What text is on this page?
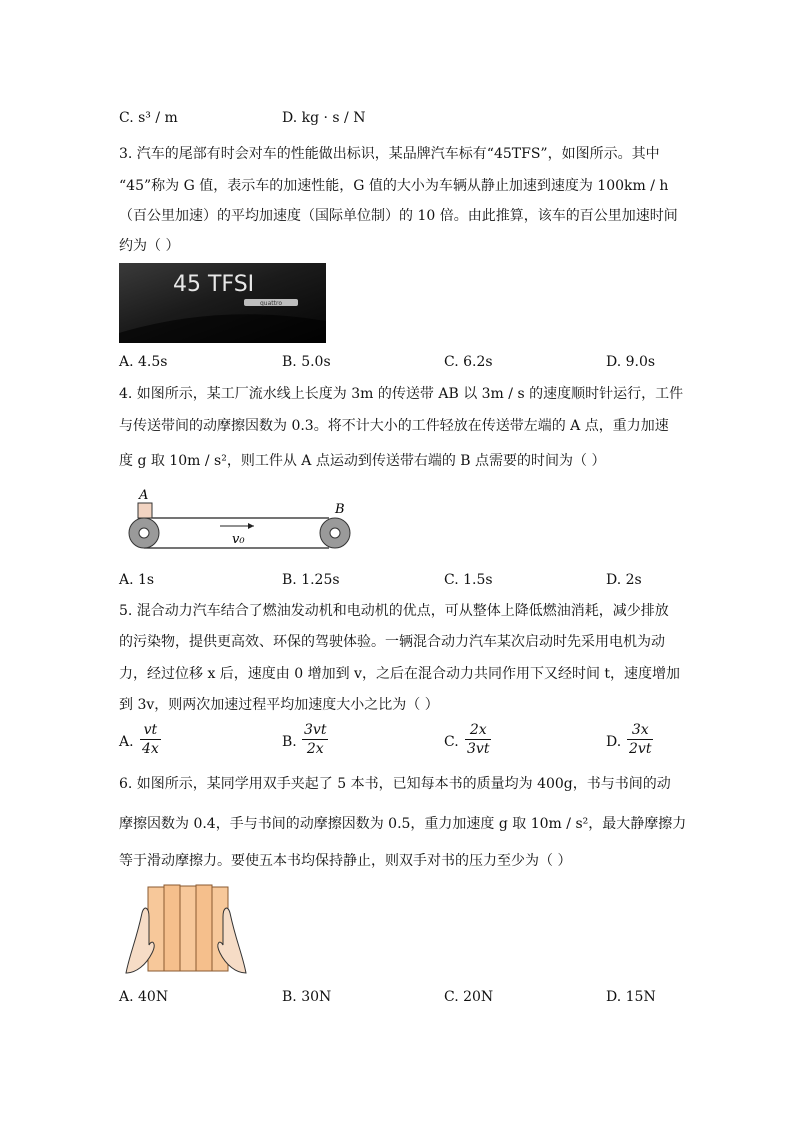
C. s³ / m	D. kg · s / N
3. 汽车的尾部有时会对车的性能做出标识，某品牌汽车标有“45TFS”，如图所示。其中
“45”称为 G 值，表示车的加速性能，G 值的大小为车辆从静止加速到速度为 100km / h
（百公里加速）的平均加速度（国际单位制）的 10 倍。由此推算，该车的百公里加速时间
约为（ ）
45 TFSI
quattro
A. 4.5s	B. 5.0s	C. 6.2s	D. 9.0s
4. 如图所示，某工厂流水线上长度为 3m 的传送带 AB 以 3m / s 的速度顺时针运行，工件
与传送带间的动摩擦因数为 0.3。将不计大小的工件轻放在传送带左端的 A 点，重力加速
度 g 取 10m / s²，则工件从 A 点运动到传送带右端的 B 点需要的时间为（ ）
A
B
v₀
A. 1s	B. 1.25s	C. 1.5s	D. 2s
5. 混合动力汽车结合了燃油发动机和电动机的优点，可从整体上降低燃油消耗，减少排放
的污染物，提供更高效、环保的驾驶体验。一辆混合动力汽车某次启动时先采用电机为动
力，经过位移 x 后，速度由 0 增加到 v，之后在混合动力共同作用下又经时间 t，速度增加
到 3v，则两次加速过程平均加速度大小之比为（ ）
A. $\frac{vt}{4x}$	B. $\frac{3vt}{2x}$	C. $\frac{2x}{3vt}$	D. $\frac{3x}{2vt}$
6. 如图所示，某同学用双手夹起了 5 本书，已知每本书的质量均为 400g，书与书间的动
摩擦因数为 0.4，手与书间的动摩擦因数为 0.5，重力加速度 g 取 10m / s²，最大静摩擦力
等于滑动摩擦力。要使五本书均保持静止，则双手对书的压力至少为（ ）
A. 40N	B. 30N	C. 20N	D. 15N
